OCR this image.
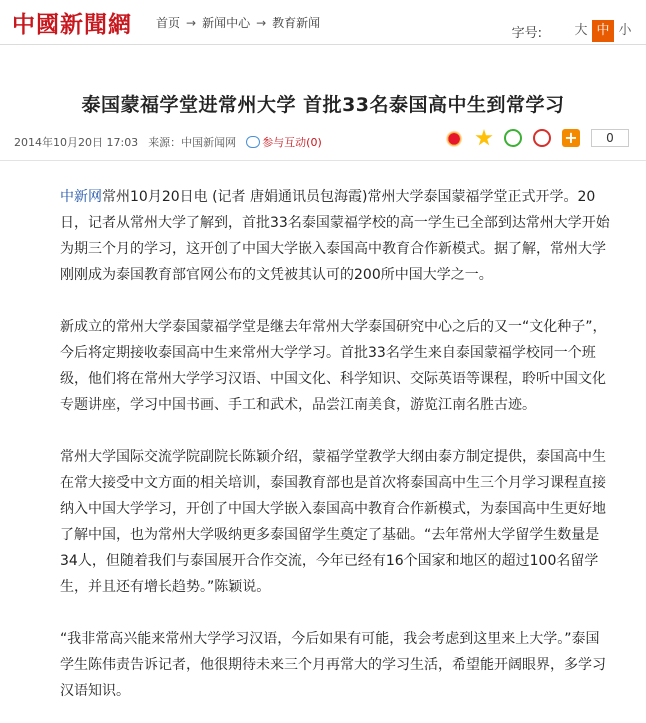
中國新聞網 首页 → 新闻中心 → 教育新闻
字号:	大 中 小
泰国蒙福学堂进常州大学 首批33名泰国高中生到常学习
2014年10月20日 17:03 来源：中国新闻网 参与互动(0)	+	0

中新网常州10月20日电 (记者 唐娟通讯员包海霞)常州大学泰国蒙福学堂正式开学。20日，记者从常州大学了解到，首批33名泰国蒙福学校的高一学生已全部到达常州大学开始为期三个月的学习，这开创了中国大学嵌入泰国高中教育合作新模式。据了解，常州大学刚刚成为泰国教育部官网公布的文凭被其认可的200所中国大学之一。

新成立的常州大学泰国蒙福学堂是继去年常州大学泰国研究中心之后的又一“文化种子”，今后将定期接收泰国高中生来常州大学学习。首批33名学生来自泰国蒙福学校同一个班级，他们将在常州大学学习汉语、中国文化、科学知识、交际英语等课程，聆听中国文化专题讲座，学习中国书画、手工和武术，品尝江南美食，游览江南名胜古迹。

常州大学国际交流学院副院长陈颖介绍，蒙福学堂教学大纲由泰方制定提供，泰国高中生在常大接受中文方面的相关培训，泰国教育部也是首次将泰国高中生三个月学习课程直接纳入中国大学学习，开创了中国大学嵌入泰国高中教育合作新模式，为泰国高中生更好地了解中国，也为常州大学吸纳更多泰国留学生奠定了基础。“去年常州大学留学生数量是34人，但随着我们与泰国展开合作交流，今年已经有16个国家和地区的超过100名留学生，并且还有增长趋势。”陈颖说。

“我非常高兴能来常州大学学习汉语，今后如果有可能，我会考虑到这里来上大学。”泰国学生陈伟责告诉记者，他很期待未来三个月再常大的学习生活，希望能开阔眼界，多学习汉语知识。
